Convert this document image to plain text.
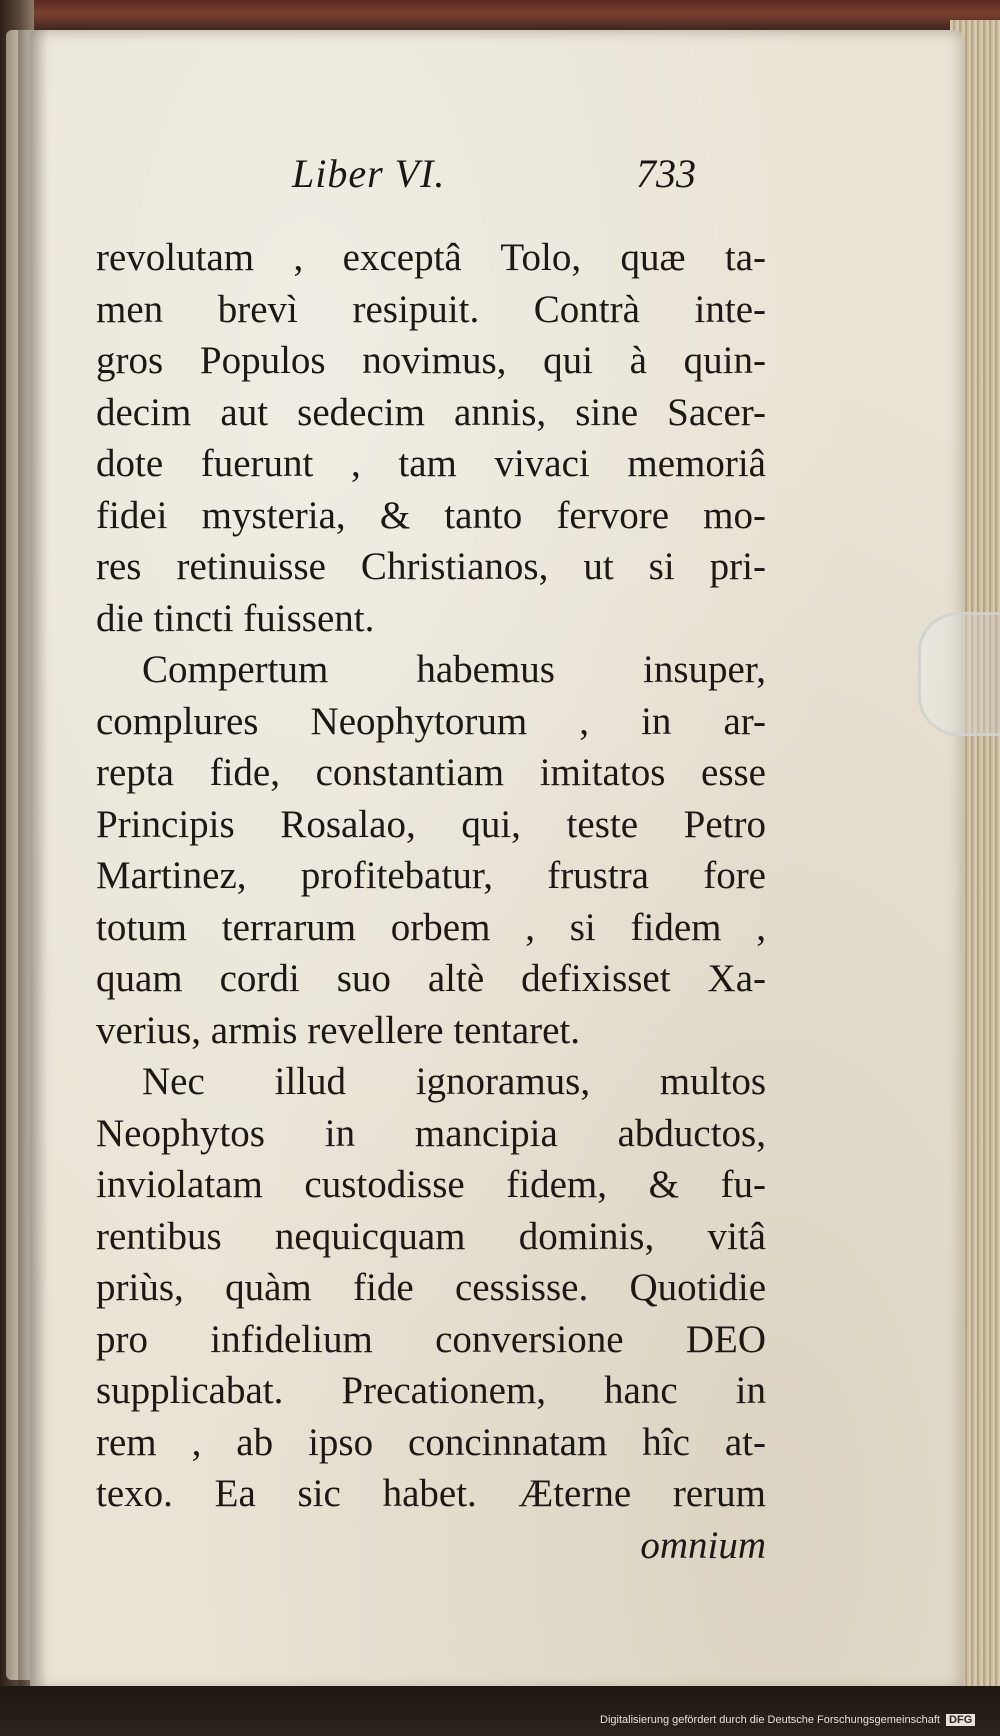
Liber VI.	733
revolutam , exceptâ Tolo, quæ ta-
men brevì resipuit. Contrà inte-
gros Populos novimus, qui à quin-
decim aut sedecim annis, sine Sacer-
dote fuerunt , tam vivaci memoriâ
fidei mysteria, & tanto fervore mo-
res retinuisse Christianos, ut si pri-
die tincti fuissent.
Compertum habemus insuper,
complures Neophytorum , in ar-
repta fide, constantiam imitatos esse
Principis Rosalao, qui, teste Petro
Martinez, profitebatur, frustra fore
totum terrarum orbem , si fidem ,
quam cordi suo altè defixisset Xa-
verius, armis revellere tentaret.
Nec illud ignoramus, multos
Neophytos in mancipia abductos,
inviolatam custodisse fidem, & fu-
rentibus nequicquam dominis, vitâ
priùs, quàm fide cessisse. Quotidie
pro infidelium conversione DEO
supplicabat. Precationem, hanc in
rem , ab ipso concinnatam hîc at-
texo. Ea sic habet. Æterne rerum
omnium
Digitalisierung gefördert durch die Deutsche Forschungsgemeinschaft DFG
